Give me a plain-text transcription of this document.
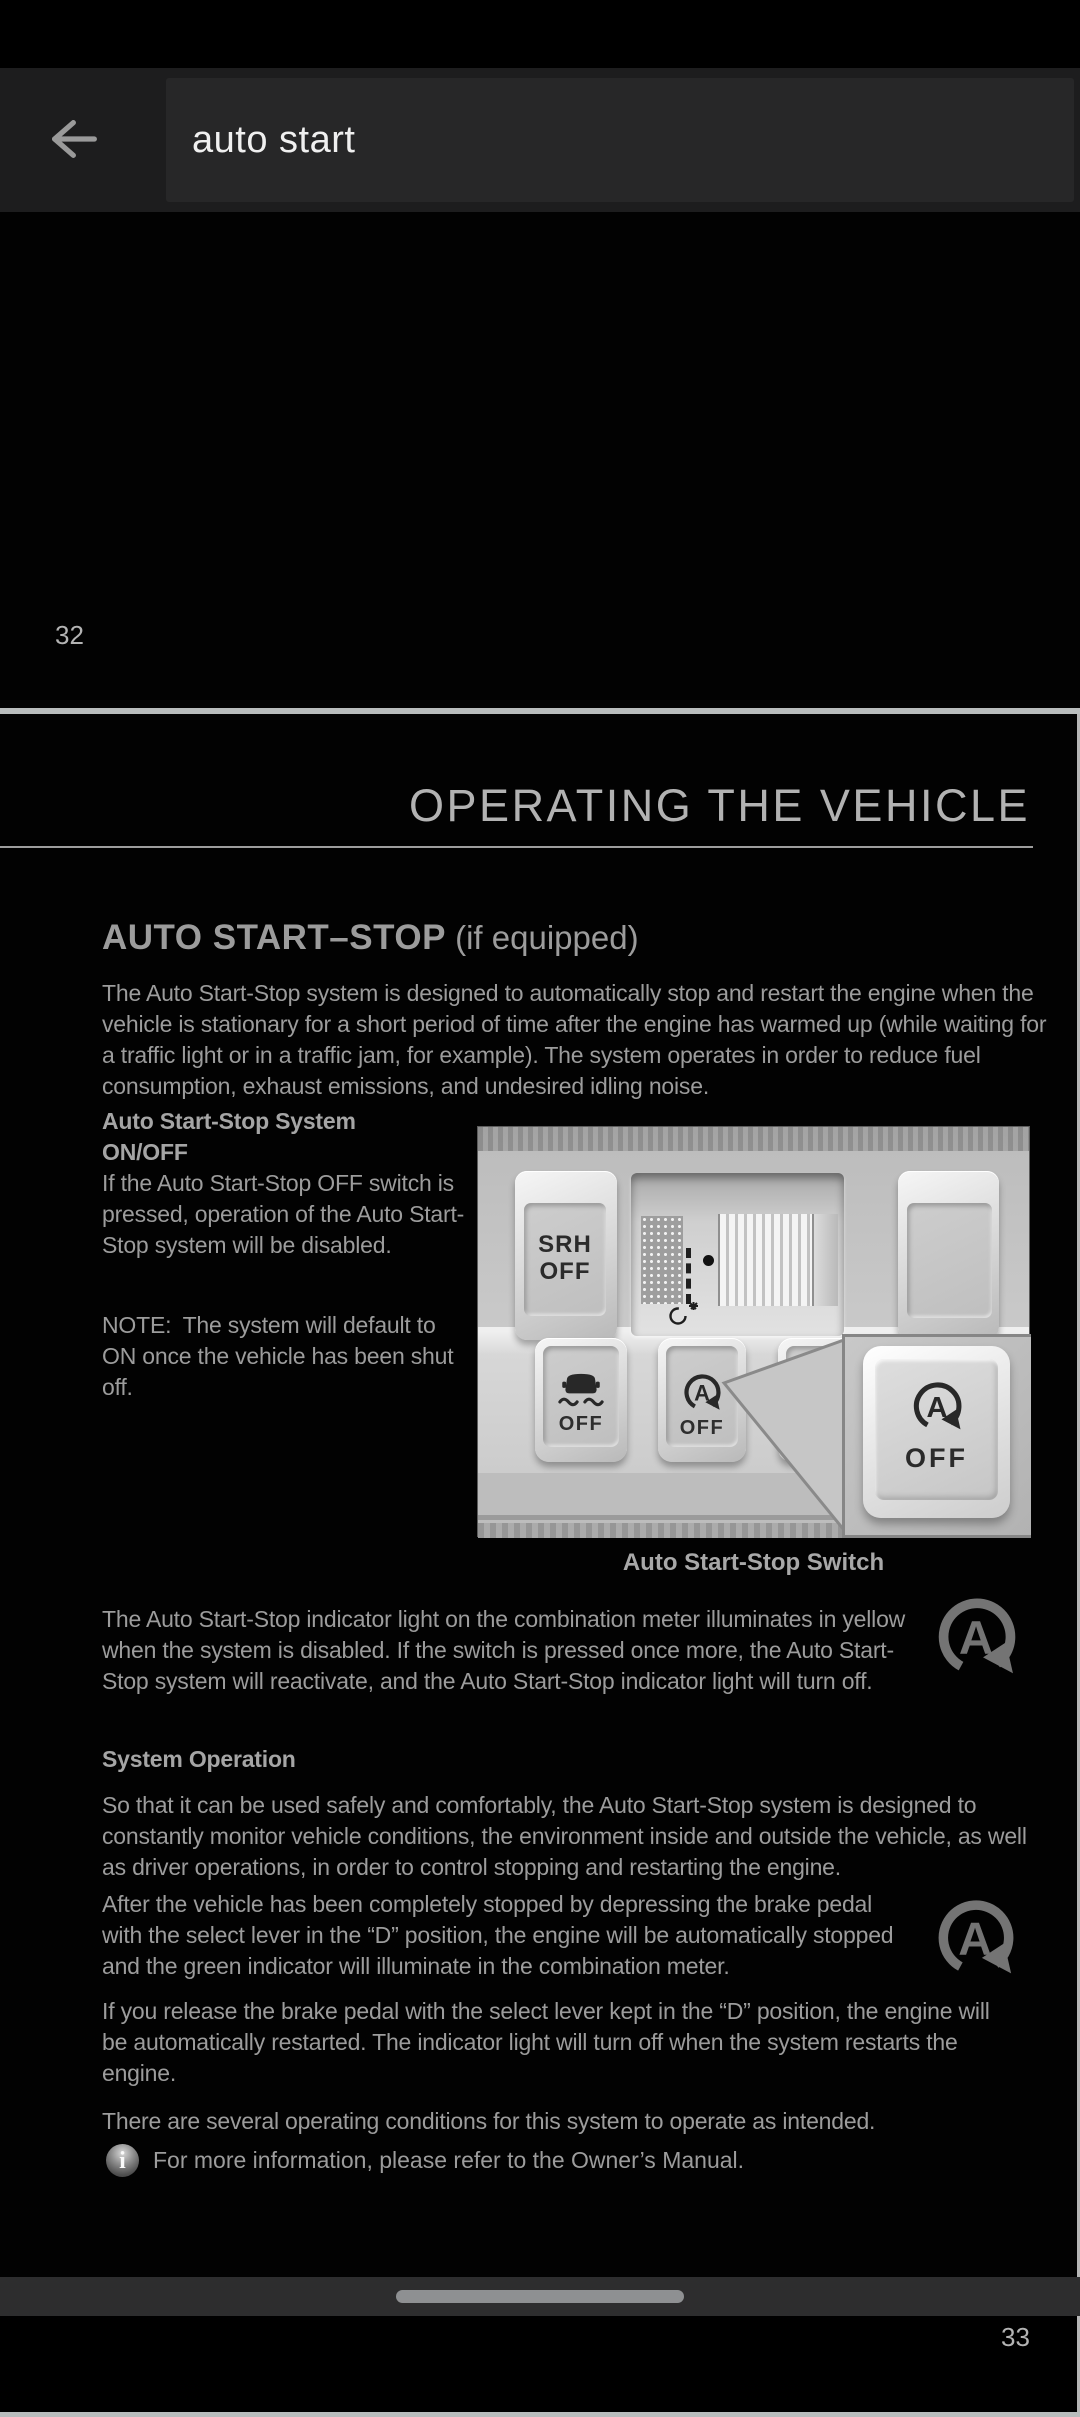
auto start
32
OPERATING THE VEHICLE
AUTO START–STOP (if equipped)
The Auto Start-Stop system is designed to automatically stop and restart the engine when the vehicle is stationary for a short period of time after the engine has warmed up (while waiting for a traffic light or in a traffic jam, for example). The system operates in order to reduce fuel consumption, exhaust emissions, and undesired idling noise.
Auto Start-Stop System
ON/OFF
If the Auto Start-Stop OFF switch is pressed, operation of the Auto Start-Stop system will be disabled.
NOTE: The system will default to ON once the vehicle has been shut off.
SRH
OFF
OFF
A
OFF
A
OFF
Auto Start-Stop Switch
The Auto Start-Stop indicator light on the combination meter illuminates in yellow when the system is disabled. If the switch is pressed once more, the Auto Start-Stop system will reactivate, and the Auto Start-Stop indicator light will turn off.
A
System Operation
So that it can be used safely and comfortably, the Auto Start-Stop system is designed to constantly monitor vehicle conditions, the environment inside and outside the vehicle, as well as driver operations, in order to control stopping and restarting the engine.
After the vehicle has been completely stopped by depressing the brake pedal with the select lever in the “D” position, the engine will be automatically stopped and the green indicator will illuminate in the combination meter.
A
If you release the brake pedal with the select lever kept in the “D” position, the engine will be automatically restarted. The indicator light will turn off when the system restarts the engine.
There are several operating conditions for this system to operate as intended.
i For more information, please refer to the Owner’s Manual.
33
